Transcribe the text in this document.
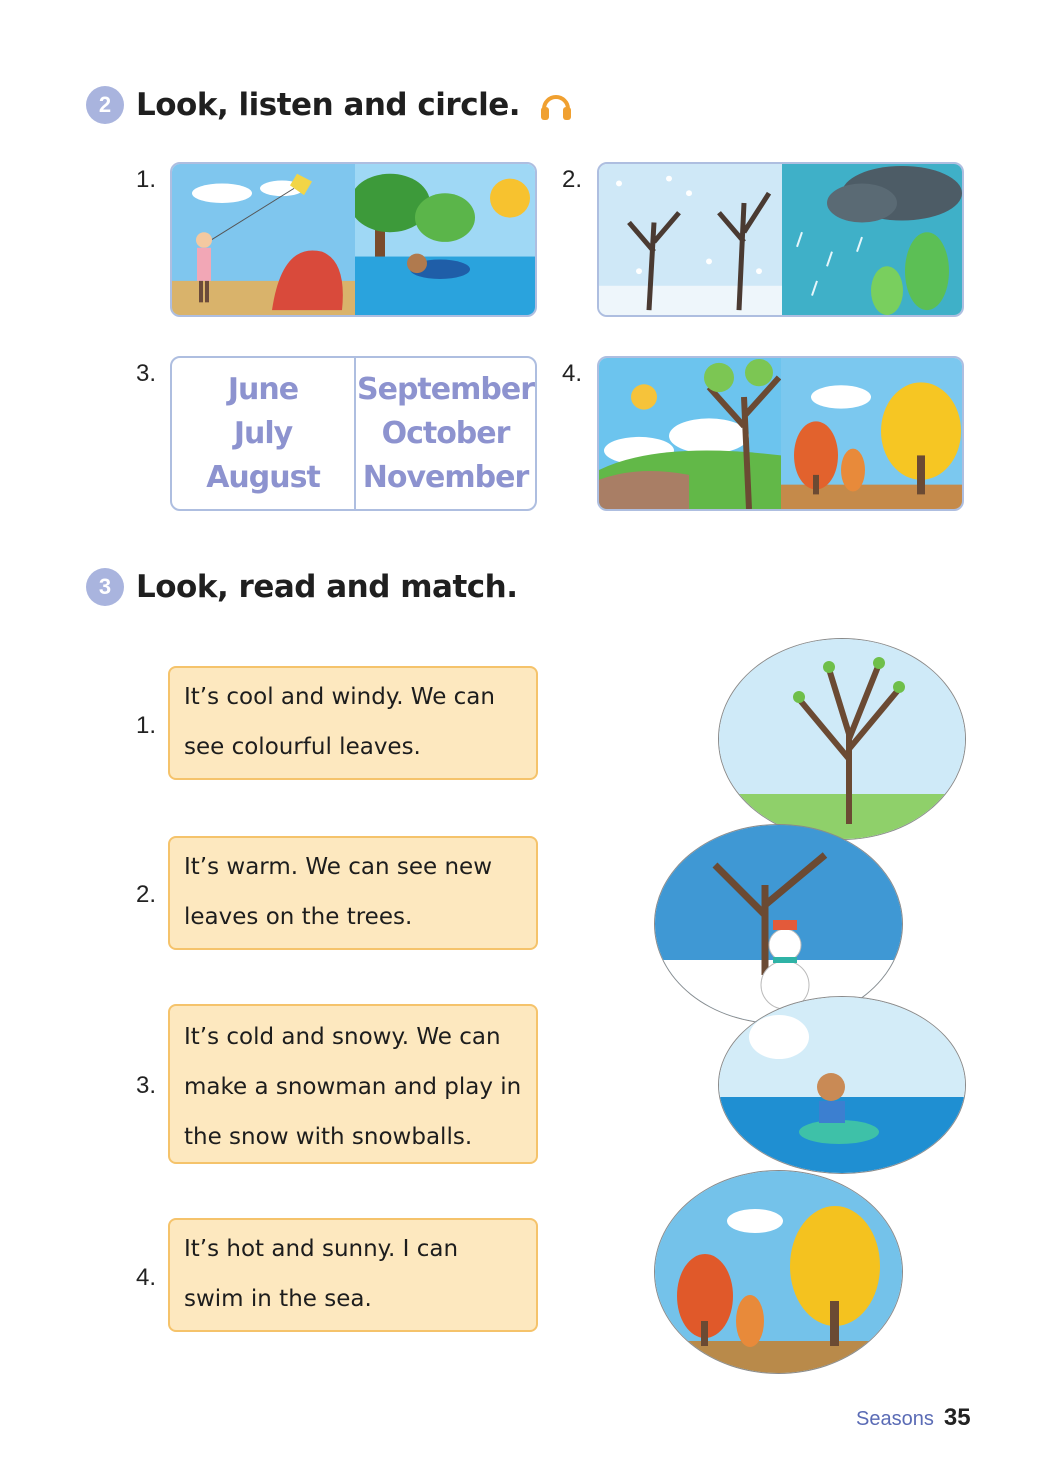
2 Look, listen and circle.
1.	2.
3. June
July
August
September
October
November
4.
3 Look, read and match.
1.
It’s cool and windy. We can
see colourful leaves.
2.
It’s warm. We can see new
leaves on the trees.
3.
It’s cold and snowy. We can
make a snowman and play in
the snow with snowballs.
4.
It’s hot and sunny. I can
swim in the sea.
Seasons 35
